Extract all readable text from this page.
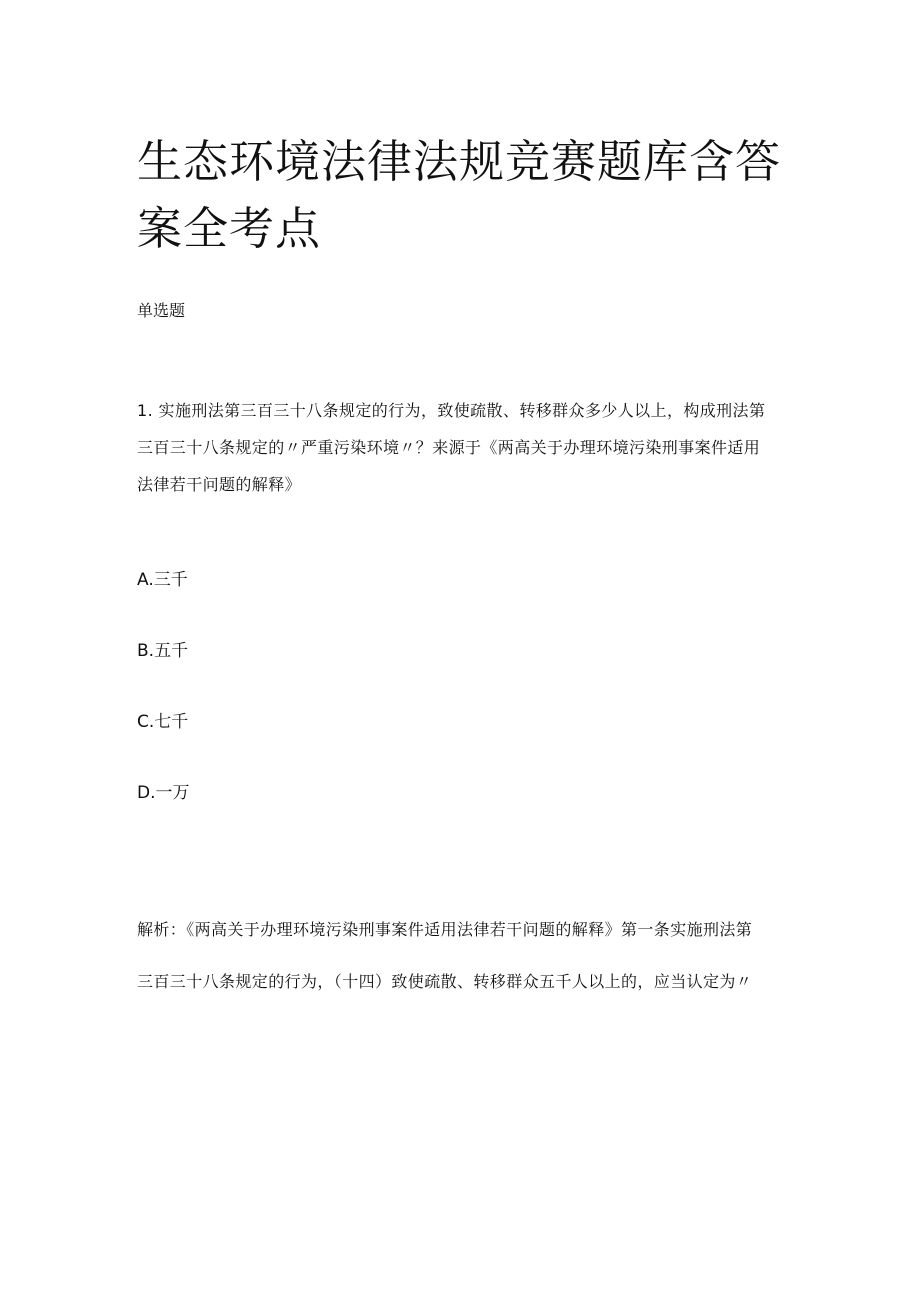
生态环境法律法规竞赛题库含答案全考点
单选题

1. 实施刑法第三百三十八条规定的行为，致使疏散、转移群众多少人以上，构成刑法第

三百三十八条规定的〃严重污染环境〃？来源于《两高关于办理环境污染刑事案件适用

法律若干问题的解释》

A.三千
B.五千
C.七千
D.一万

解析：《两高关于办理环境污染刑事案件适用法律若干问题的解释》第一条实施刑法第

三百三十八条规定的行为，（十四）致使疏散、转移群众五千人以上的，应当认定为〃
